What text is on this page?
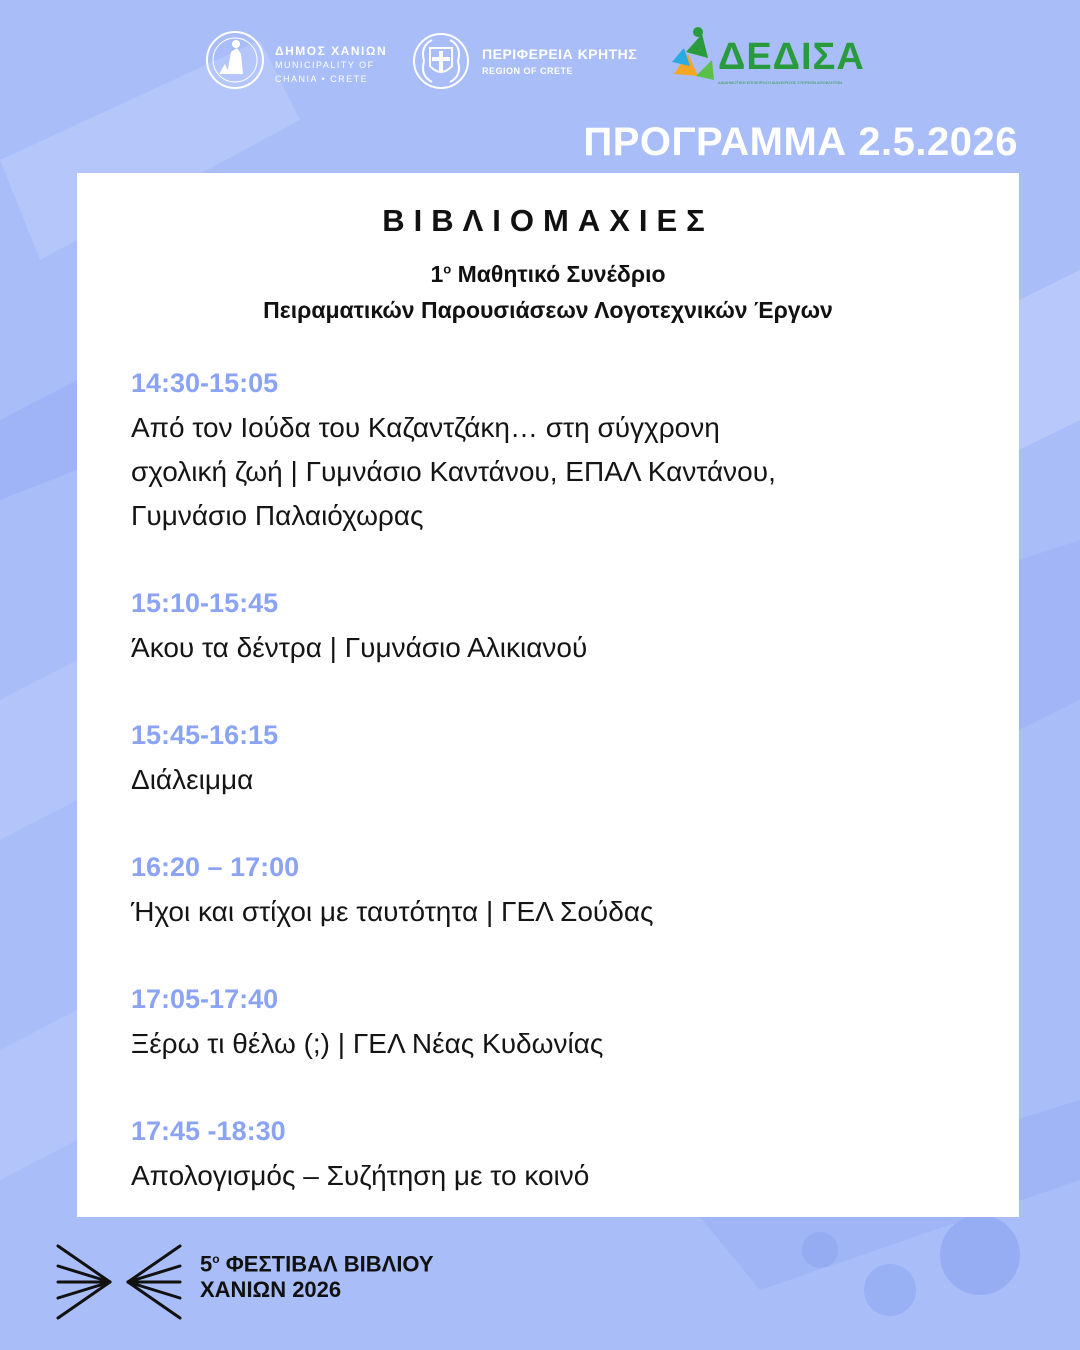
ΔΗΜΟΣ ΧΑΝΙΩΝ
MUNICIPALITY OF
CHANIA • CRETE
ΠΕΡΙΦΕΡΕΙΑ ΚΡΗΤΗΣ
REGION OF CRETE	ΔΕΔΙΣΑ
ΔΙΑΔΗΜΟΤΙΚΗ ΕΠΙΧΕΙΡΗΣΗ ΔΙΑΧΕΙΡΙΣΗΣ ΣΤΕΡΕΩΝ ΑΠΟΒΛΗΤΩΝ
ΠΡΟΓΡΑΜΜΑ 2.5.2026
ΒΙΒΛΙΟΜΑΧΙΕΣ
$1^o$ Μαθητικό Συνέδριο
Πειραματικών Παρουσιάσεων Λογοτεχνικών Έργων
14:30-15:05
Από τον Ιούδα του Καζαντζάκη… στη σύγχρονη
σχολική ζωή | Γυμνάσιο Καντάνου, ΕΠΑΛ Καντάνου,
Γυμνάσιο Παλαιόχωρας
15:10-15:45
Άκου τα δέντρα | Γυμνάσιο Αλικιανού
15:45-16:15
Διάλειμμα
16:20 – 17:00
Ήχοι και στίχοι με ταυτότητα | ΓΕΛ Σούδας
17:05-17:40
Ξέρω τι θέλω (;) | ΓΕΛ Νέας Κυδωνίας
17:45 -18:30
Απολογισμός – Συζήτηση με το κοινό
$5^o$ ΦΕΣΤΙΒΑΛ ΒΙΒΛΙΟΥ
ΧΑΝΙΩΝ 2026
